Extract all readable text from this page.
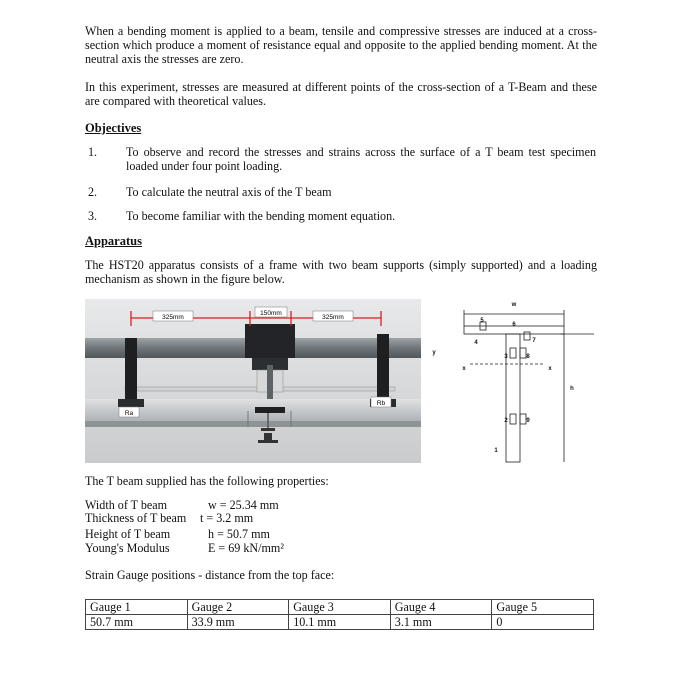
When a bending moment is applied to a beam, tensile and compressive stresses are induced at a cross-section which produce a moment of resistance equal and opposite to the applied bending moment. At the neutral axis the stresses are zero.
In this experiment, stresses are measured at different points of the cross-section of a T-Beam and these are compared with theoretical values.
Objectives
1. To observe and record the stresses and strains across the surface of a T beam test specimen loaded under four point loading.
2. To calculate the neutral axis of the T beam
3. To become familiar with the bending moment equation.
Apparatus
The HST20 apparatus consists of a frame with two beam supports (simply supported) and a loading mechanism as shown in the figure below.
325mm
150mm
325mm
Ra
Rb
w
5
6
4	7
3	8
2	9
1
x	x
y
h
The T beam supplied has the following properties:
Width of T beam	w = 25.34 mm
Thickness of T beam t = 3.2 mm
Height of T beam	h = 50.7 mm
Young's Modulus	E = 69 kN/mm²
Strain Gauge positions - distance from the top face:
Gauge 1	Gauge 2	Gauge 3	Gauge 4	Gauge 5
50.7 mm	33.9 mm	10.1 mm	3.1 mm	0
